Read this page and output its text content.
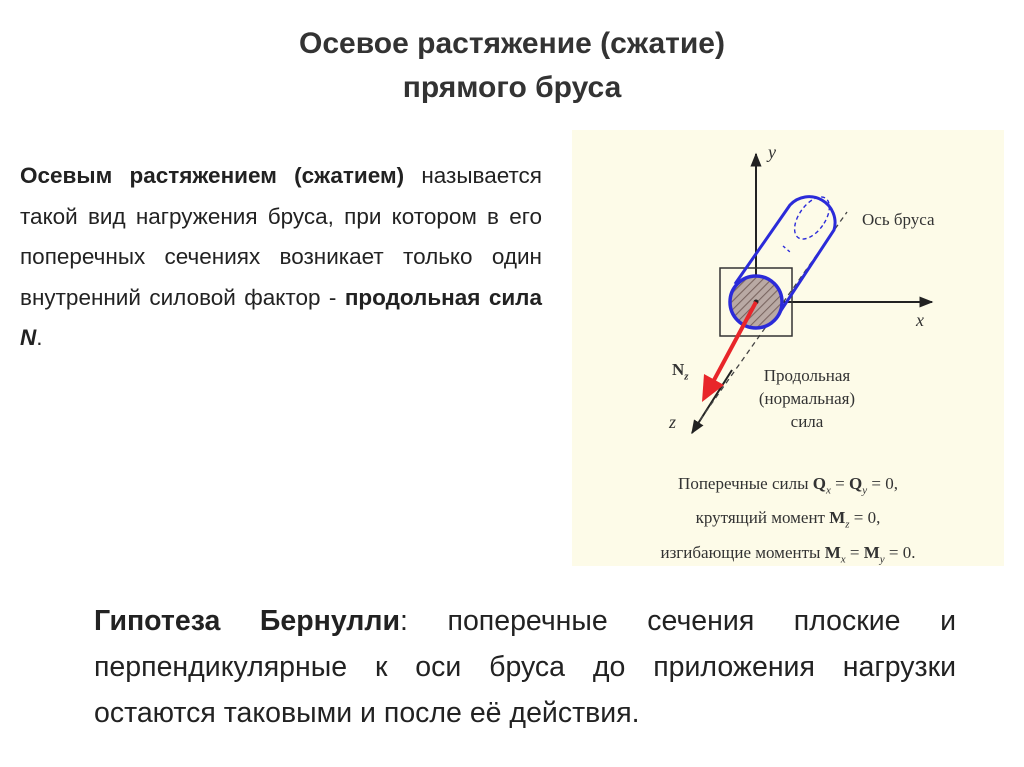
Осевое растяжение (сжатие)
прямого бруса
Осевым растяжением (сжатием) называется такой вид нагружения бруса, при котором в его поперечных сечениях возникает только один внутренний силовой фактор - продольная сила N.
y
x
z
Ось бруса
$N_z$	Продольная
(нормальная)
сила
Поперечные силы $Q_x = Q_y = 0$,
крутящий момент $M_z = 0$,
изгибающие моменты $M_x = M_y = 0$.
Гипотеза Бернулли: поперечные сечения плоские и перпендикулярные к оси бруса до приложения нагрузки остаются таковыми и после её действия.
